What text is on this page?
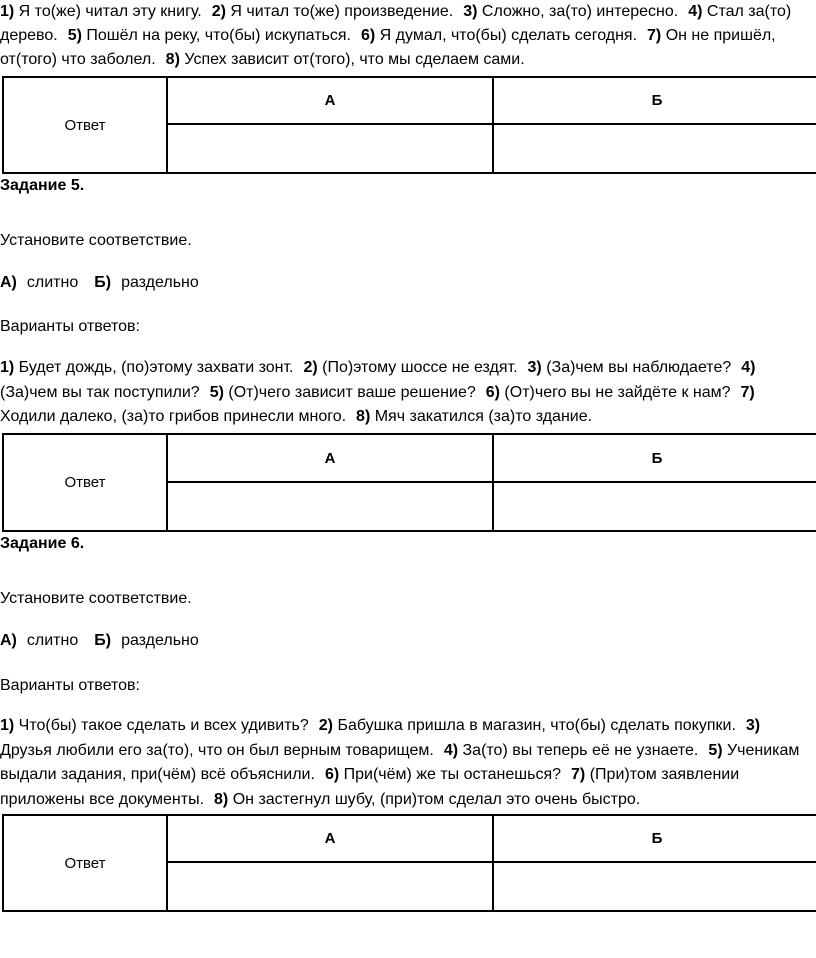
1) Я то(же) читал эту книгу. 2) Я читал то(же) произведение. 3) Сложно, за(то) интересно. 4) Стал за(то)
дерево. 5) Пошёл на реку, что(бы) искупаться. 6) Я думал, что(бы) сделать сегодня. 7) Он не пришёл,
от(того) что заболел. 8) Успех зависит от(того), что мы сделаем сами.
Ответ	А	Б

Задание 5.
Установите соответствие.
А) слитно Б) раздельно
Варианты ответов:
1) Будет дождь, (по)этому захвати зонт. 2) (По)этому шоссе не ездят. 3) (За)чем вы наблюдаете? 4)
(За)чем вы так поступили? 5) (От)чего зависит ваше решение? 6) (От)чего вы не зайдёте к нам? 7)
Ходили далеко, (за)то грибов принесли много. 8) Мяч закатился (за)то здание.
Ответ	А	Б

Задание 6.
Установите соответствие.
А) слитно Б) раздельно
Варианты ответов:
1) Что(бы) такое сделать и всех удивить? 2) Бабушка пришла в магазин, что(бы) сделать покупки. 3)
Друзья любили его за(то), что он был верным товарищем. 4) За(то) вы теперь её не узнаете. 5) Ученикам
выдали задания, при(чём) всё объяснили. 6) При(чём) же ты останешься? 7) (При)том заявлении
приложены все документы. 8) Он застегнул шубу, (при)том сделал это очень быстро.
Ответ	А	Б
